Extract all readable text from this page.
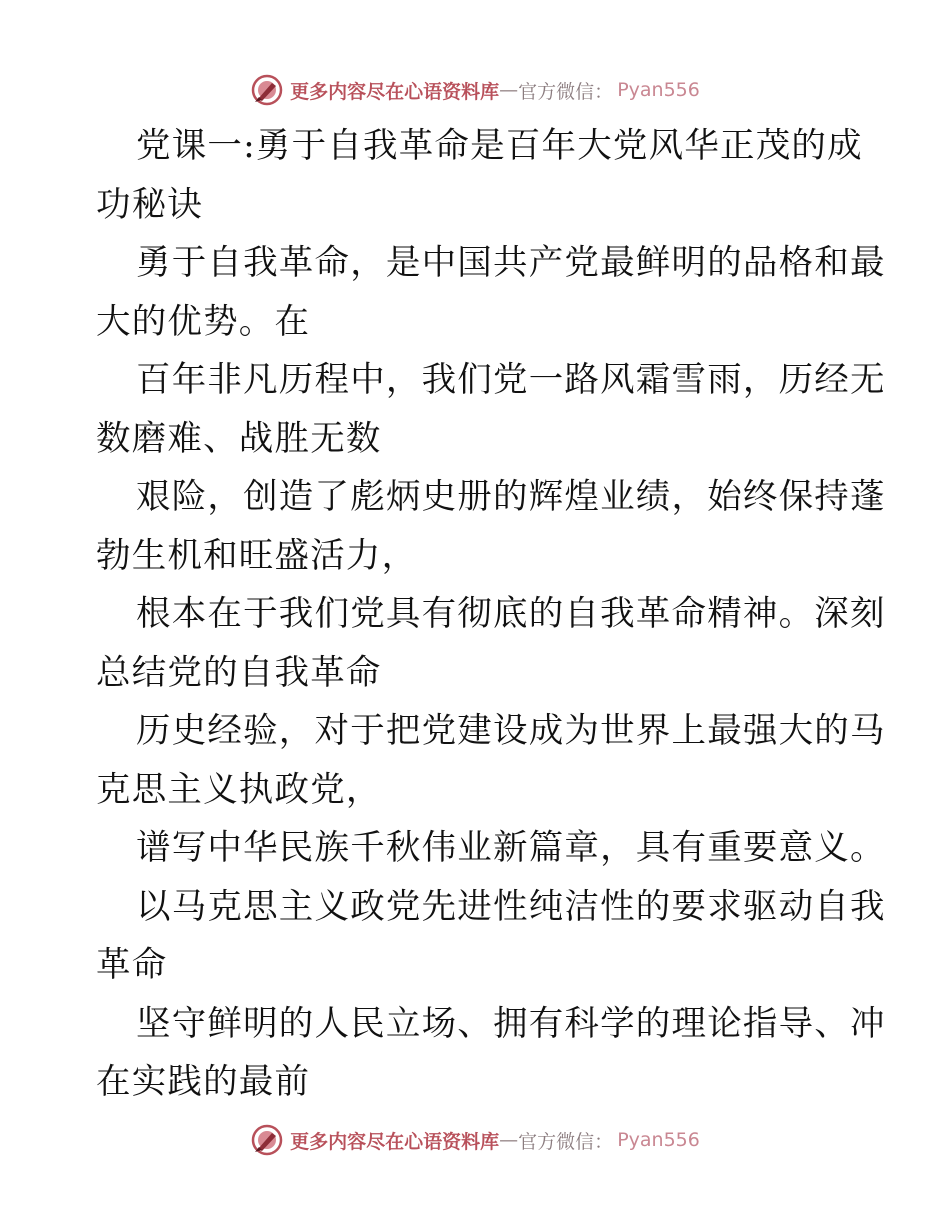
更多内容尽在心语资料库 — 官方微信： Pyan556
党课一:勇于自我革命是百年大党风华正茂的成
功秘诀
勇于自我革命，是中国共产党最鲜明的品格和最
大的优势。在
百年非凡历程中，我们党一路风霜雪雨，历经无
数磨难、战胜无数
艰险，创造了彪炳史册的辉煌业绩，始终保持蓬
勃生机和旺盛活力，
根本在于我们党具有彻底的自我革命精神。深刻
总结党的自我革命
历史经验，对于把党建设成为世界上最强大的马
克思主义执政党，
谱写中华民族千秋伟业新篇章，具有重要意义。
以马克思主义政党先进性纯洁性的要求驱动自我
革命
坚守鲜明的人民立场、拥有科学的理论指导、冲
在实践的最前
更多内容尽在心语资料库 — 官方微信： Pyan556
